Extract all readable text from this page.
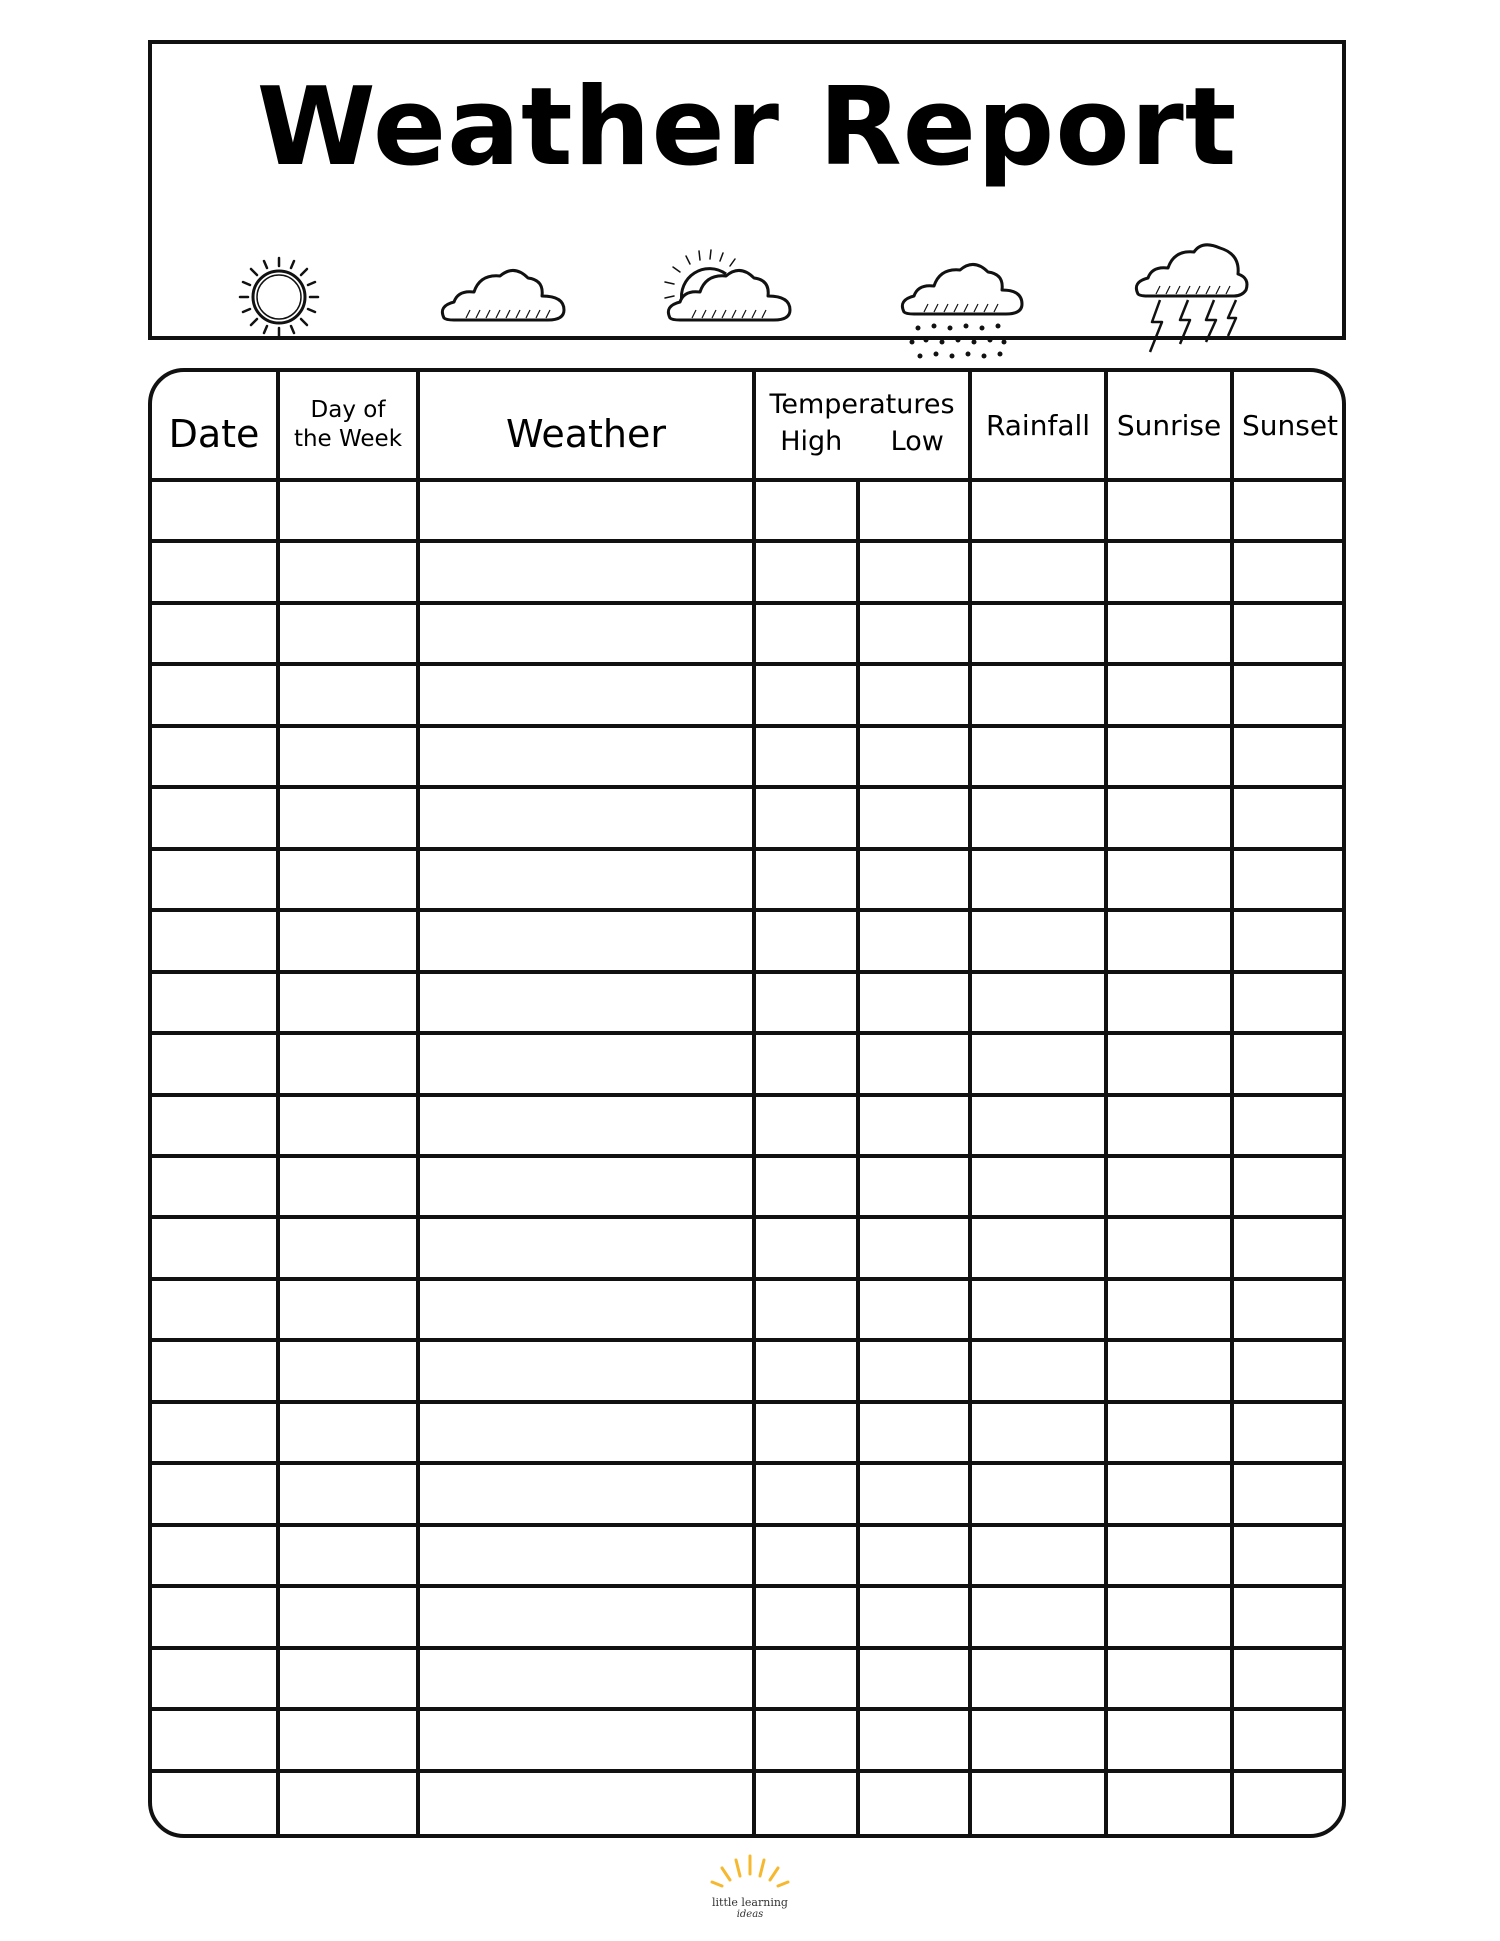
Weather Report
Date
Day of
the Week	Weather
Temperatures
High Low Rainfall Sunrise Sunset
little learning
ideas
